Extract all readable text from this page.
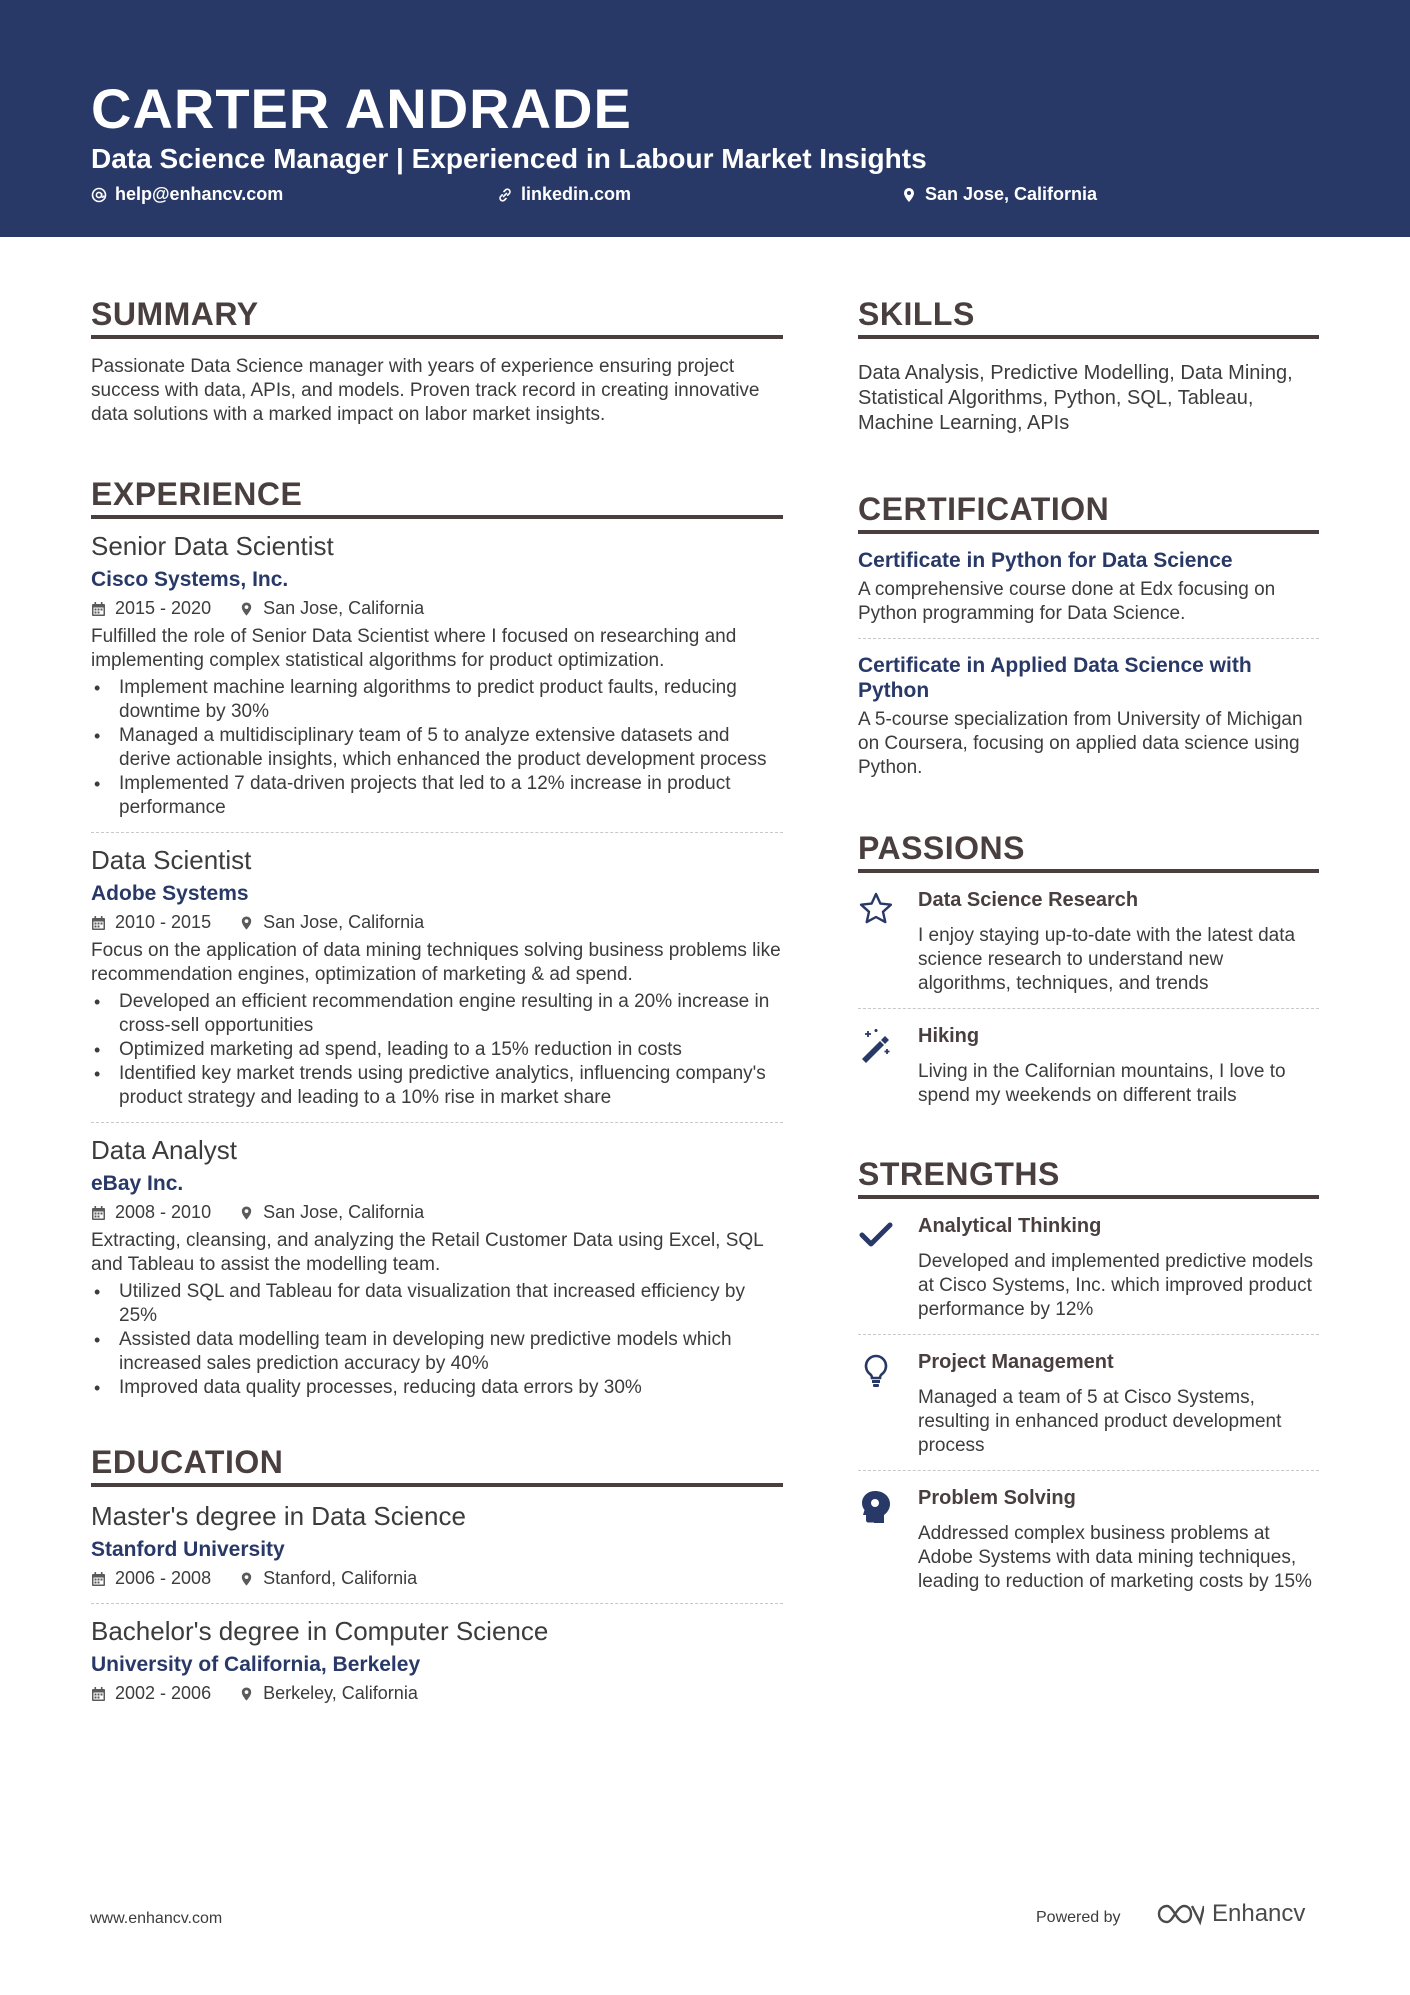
CARTER ANDRADE
Data Science Manager | Experienced in Labour Market Insights
help@enhancv.com	linkedin.com	San Jose, California
SUMMARY
Passionate Data Science manager with years of experience ensuring project success with data, APIs, and models. Proven track record in creating innovative data solutions with a marked impact on labor market insights.
EXPERIENCE
Senior Data Scientist
Cisco Systems, Inc.
2015 - 2020	San Jose, California
Fulfilled the role of Senior Data Scientist where I focused on researching and implementing complex statistical algorithms for product optimization.
• Implement machine learning algorithms to predict product faults, reducing downtime by 30%
• Managed a multidisciplinary team of 5 to analyze extensive datasets and derive actionable insights, which enhanced the product development process
• Implemented 7 data-driven projects that led to a 12% increase in product performance
Data Scientist
Adobe Systems
2010 - 2015	San Jose, California
Focus on the application of data mining techniques solving business problems like recommendation engines, optimization of marketing & ad spend.
• Developed an efficient recommendation engine resulting in a 20% increase in cross-sell opportunities
• Optimized marketing ad spend, leading to a 15% reduction in costs
• Identified key market trends using predictive analytics, influencing company's product strategy and leading to a 10% rise in market share
Data Analyst
eBay Inc.
2008 - 2010	San Jose, California
Extracting, cleansing, and analyzing the Retail Customer Data using Excel, SQL and Tableau to assist the modelling team.
• Utilized SQL and Tableau for data visualization that increased efficiency by 25%
• Assisted data modelling team in developing new predictive models which increased sales prediction accuracy by 40%
• Improved data quality processes, reducing data errors by 30%
EDUCATION
Master's degree in Data Science
Stanford University
2006 - 2008	Stanford, California
Bachelor's degree in Computer Science
University of California, Berkeley
2002 - 2006	Berkeley, California
SKILLS
Data Analysis, Predictive Modelling, Data Mining, Statistical Algorithms, Python, SQL, Tableau, Machine Learning, APIs
CERTIFICATION
Certificate in Python for Data Science
A comprehensive course done at Edx focusing on Python programming for Data Science.
Certificate in Applied Data Science with Python
A 5-course specialization from University of Michigan on Coursera, focusing on applied data science using Python.
PASSIONS
Data Science Research
I enjoy staying up-to-date with the latest data science research to understand new algorithms, techniques, and trends
Hiking
Living in the Californian mountains, I love to spend my weekends on different trails
STRENGTHS
Analytical Thinking
Developed and implemented predictive models at Cisco Systems, Inc. which improved product performance by 12%
Project Management
Managed a team of 5 at Cisco Systems, resulting in enhanced product development process
Problem Solving
Addressed complex business problems at Adobe Systems with data mining techniques, leading to reduction of marketing costs by 15%
www.enhancv.com	Powered by	Enhancv
